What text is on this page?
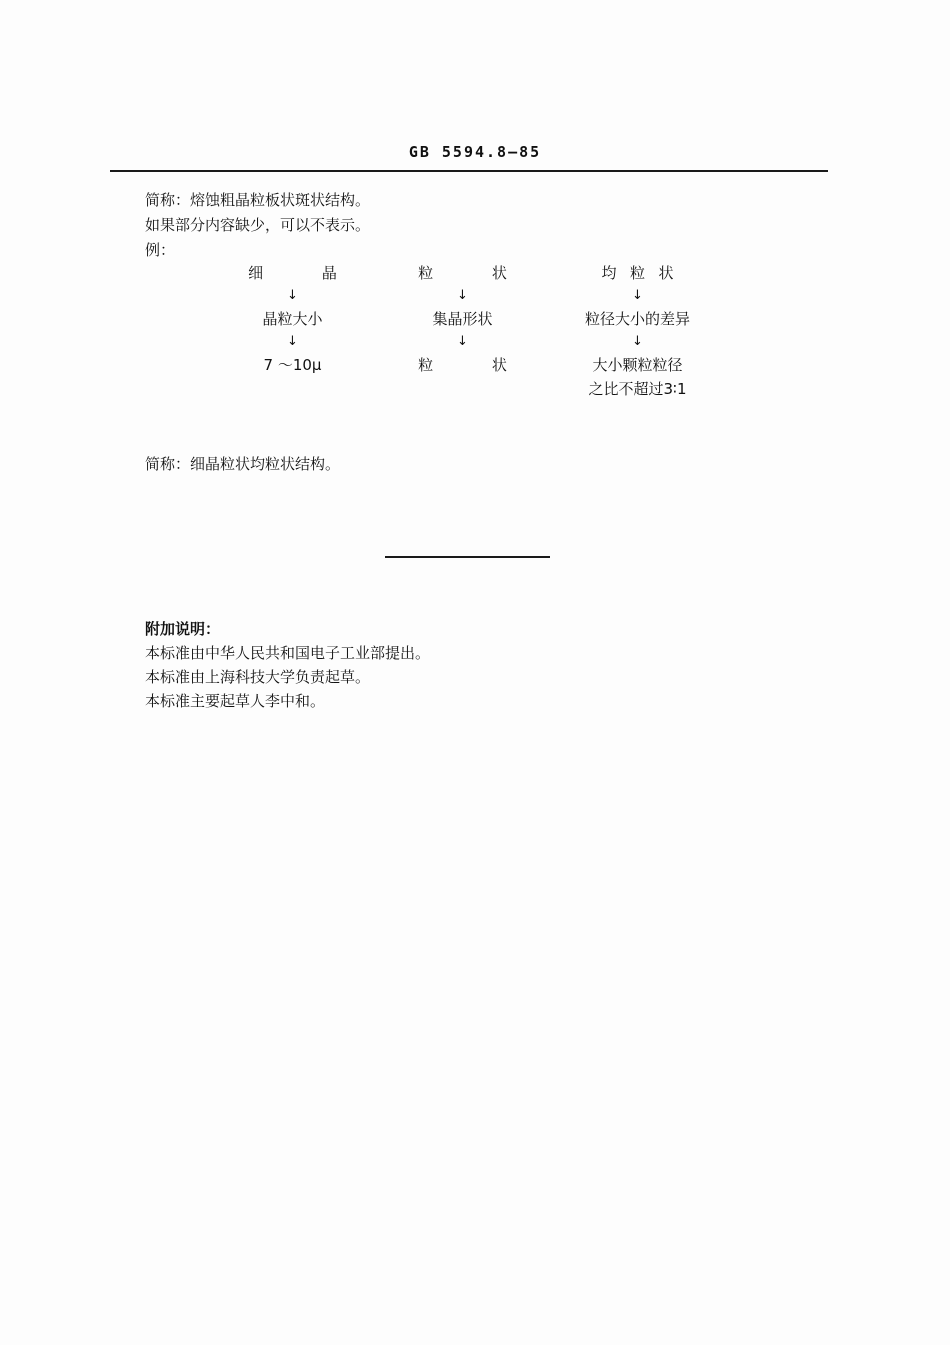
GB 5594.8—85
简称：熔蚀粗晶粒板状斑状结构。
如果部分内容缺少，可以不表示。
例：
细 晶
↓
晶粒大小
↓
7 ～10μ
粒 状
↓
集晶形状
↓
粒 状
均粒状
↓
粒径大小的差异
↓
大小颗粒粒径
之比不超过3∶1
简称：细晶粒状均粒状结构。
附加说明：
本标准由中华人民共和国电子工业部提出。
本标准由上海科技大学负责起草。
本标准主要起草人李中和。
